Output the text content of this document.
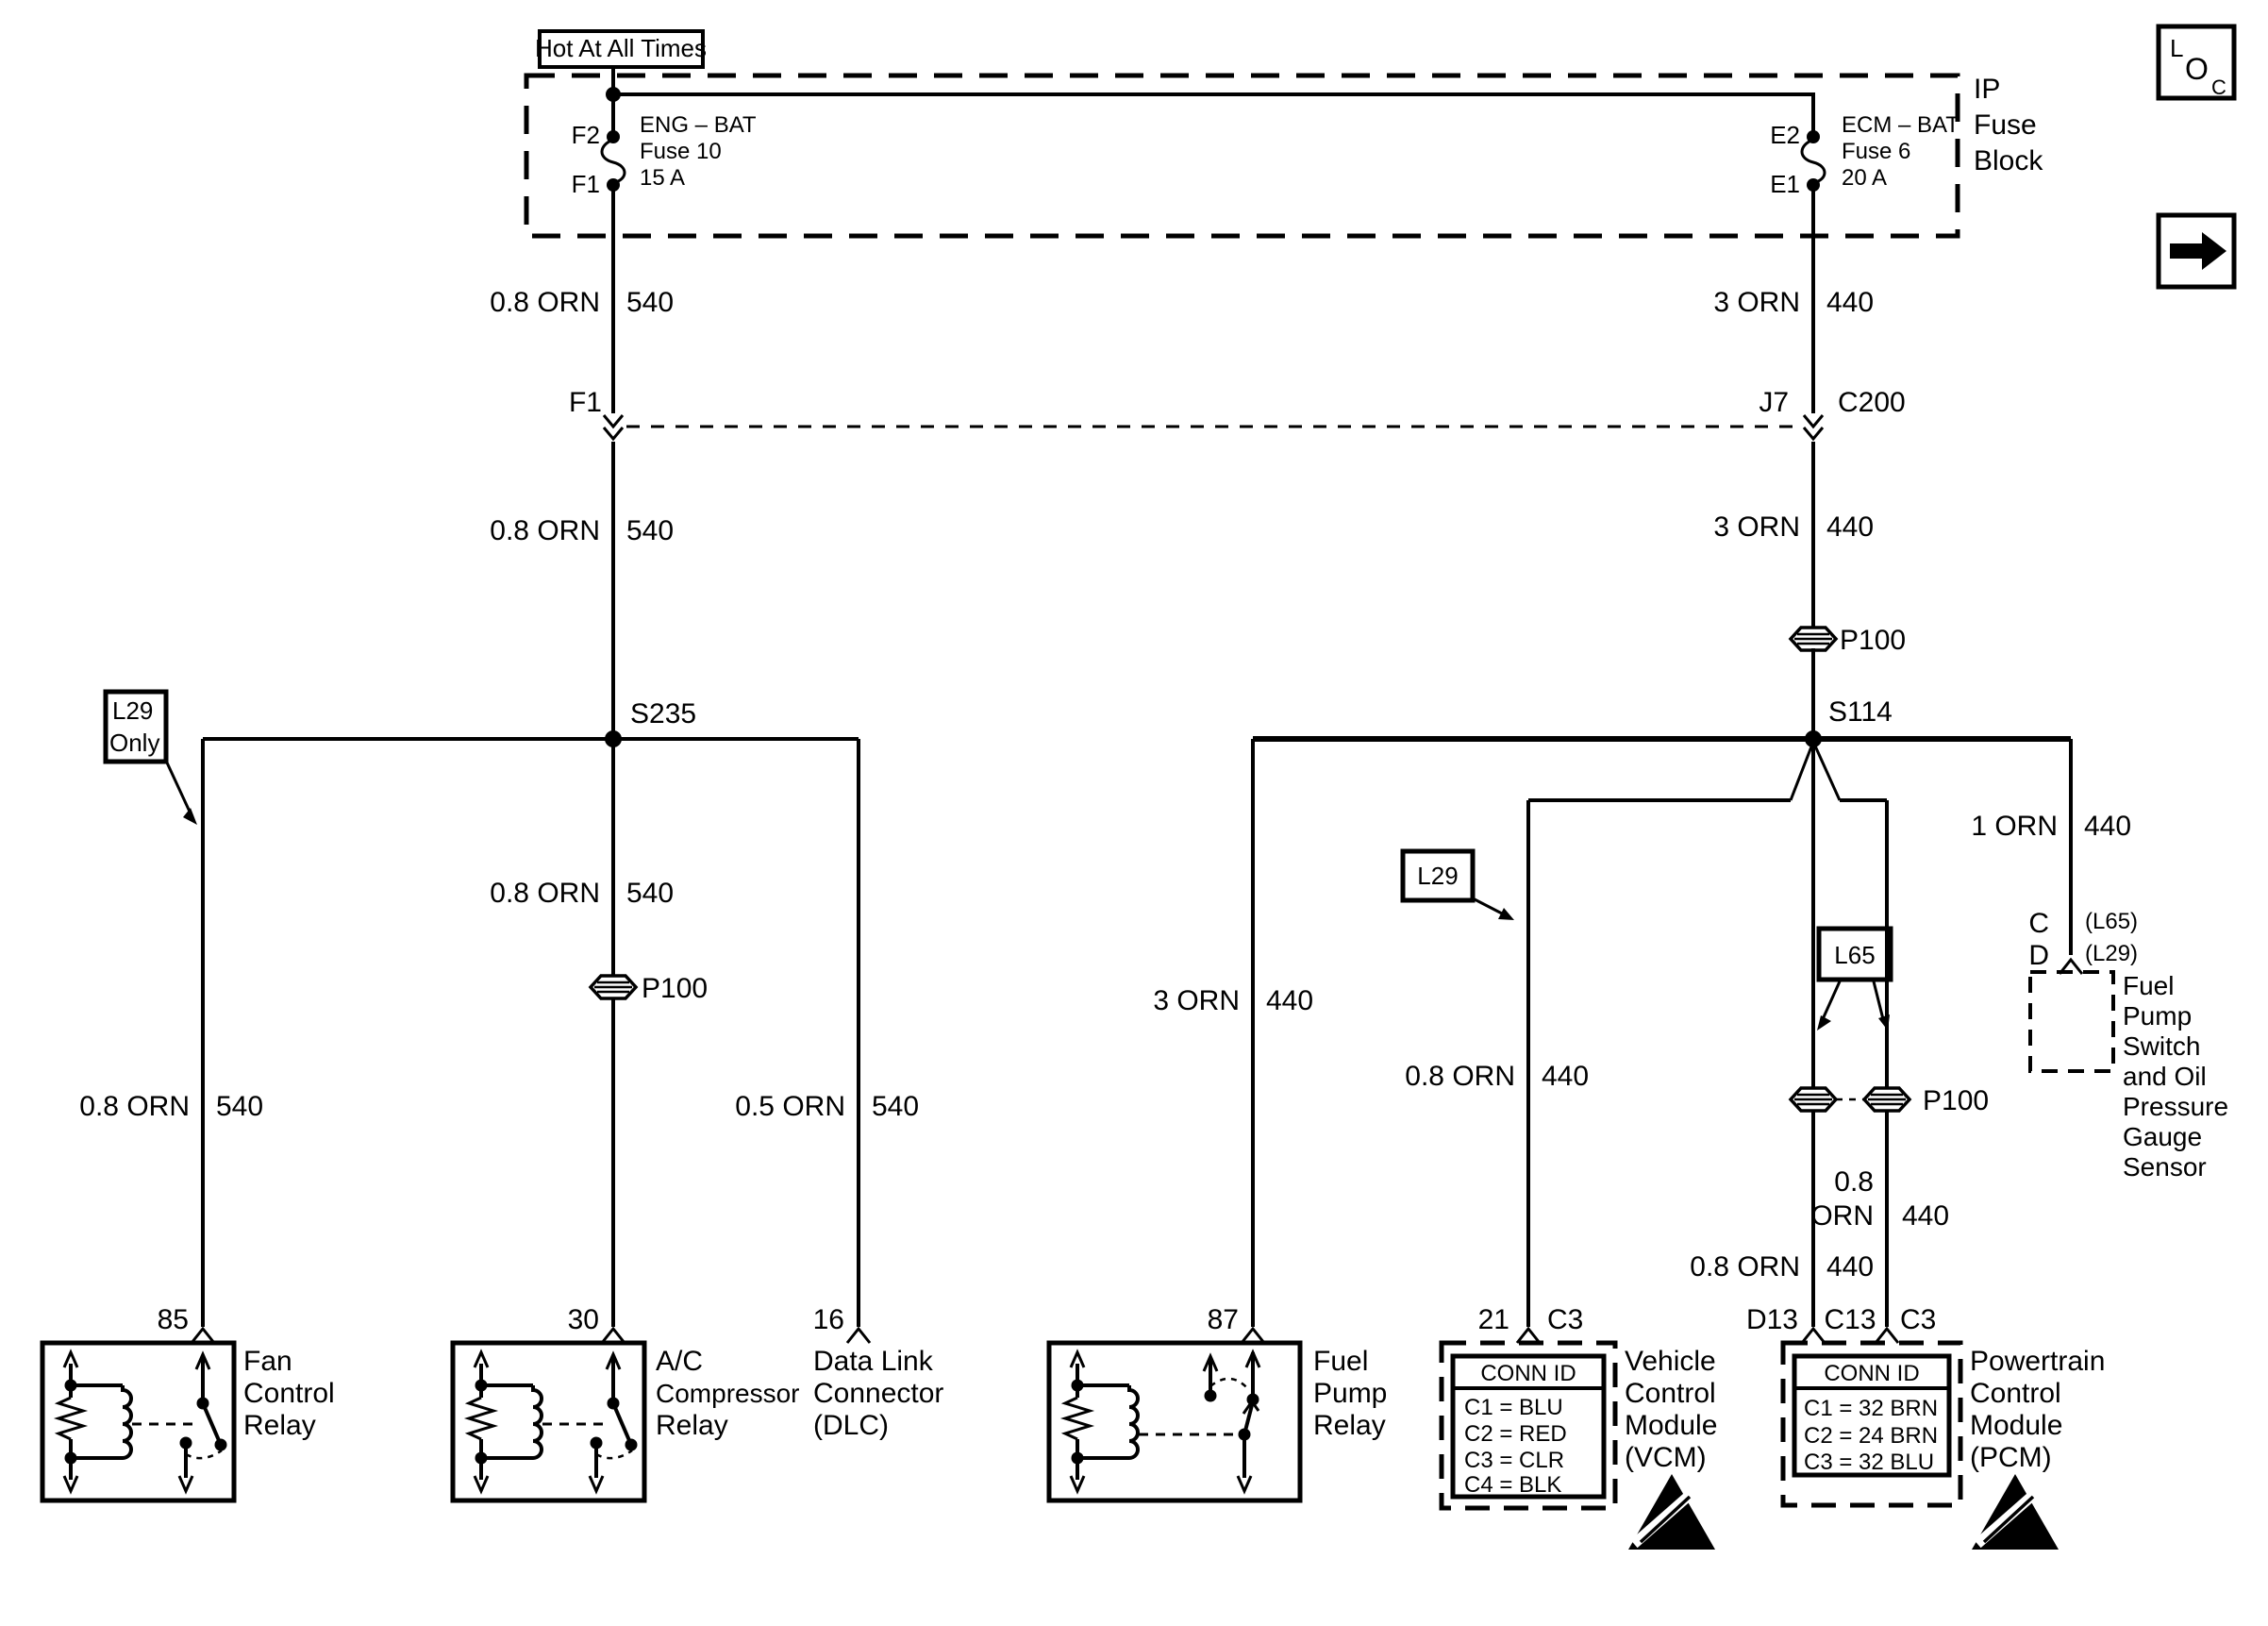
Hot At All Times
IP
Fuse
Block
F2
F1
ENG – BAT
Fuse 10
15 A
E2
E1
ECM – BAT
Fuse 6
20 A
L
O
C
F1	J7 C200
P100
P100
S235
L29
Only
S114
P100
L29
L65
0.8 ORN 540
0.8 ORN 540
0.8 ORN 540
0.8 ORN 540	0.5 ORN 540
3 ORN 440
3 ORN 440
3 ORN 440
0.8 ORN 440
0.8
ORN 440
0.8 ORN 440
1 ORN 440
85	30	16	87	21 C3	D13 C13 C3
C
D
(L65)
(L29)
Fan
Control
Relay
A/C
Compressor
Relay
Data Link
Connector
(DLC)
Fuel
Pump
Relay
CONN ID
C1 = BLU
C2 = RED
C3 = CLR
C4 = BLK
Vehicle
Control
Module
(VCM)
CONN ID
C1 = 32 BRN
C2 = 24 BRN
C3 = 32 BLU
Powertrain
Control
Module
(PCM)
Fuel
Pump
Switch
and Oil
Pressure
Gauge
Sensor
